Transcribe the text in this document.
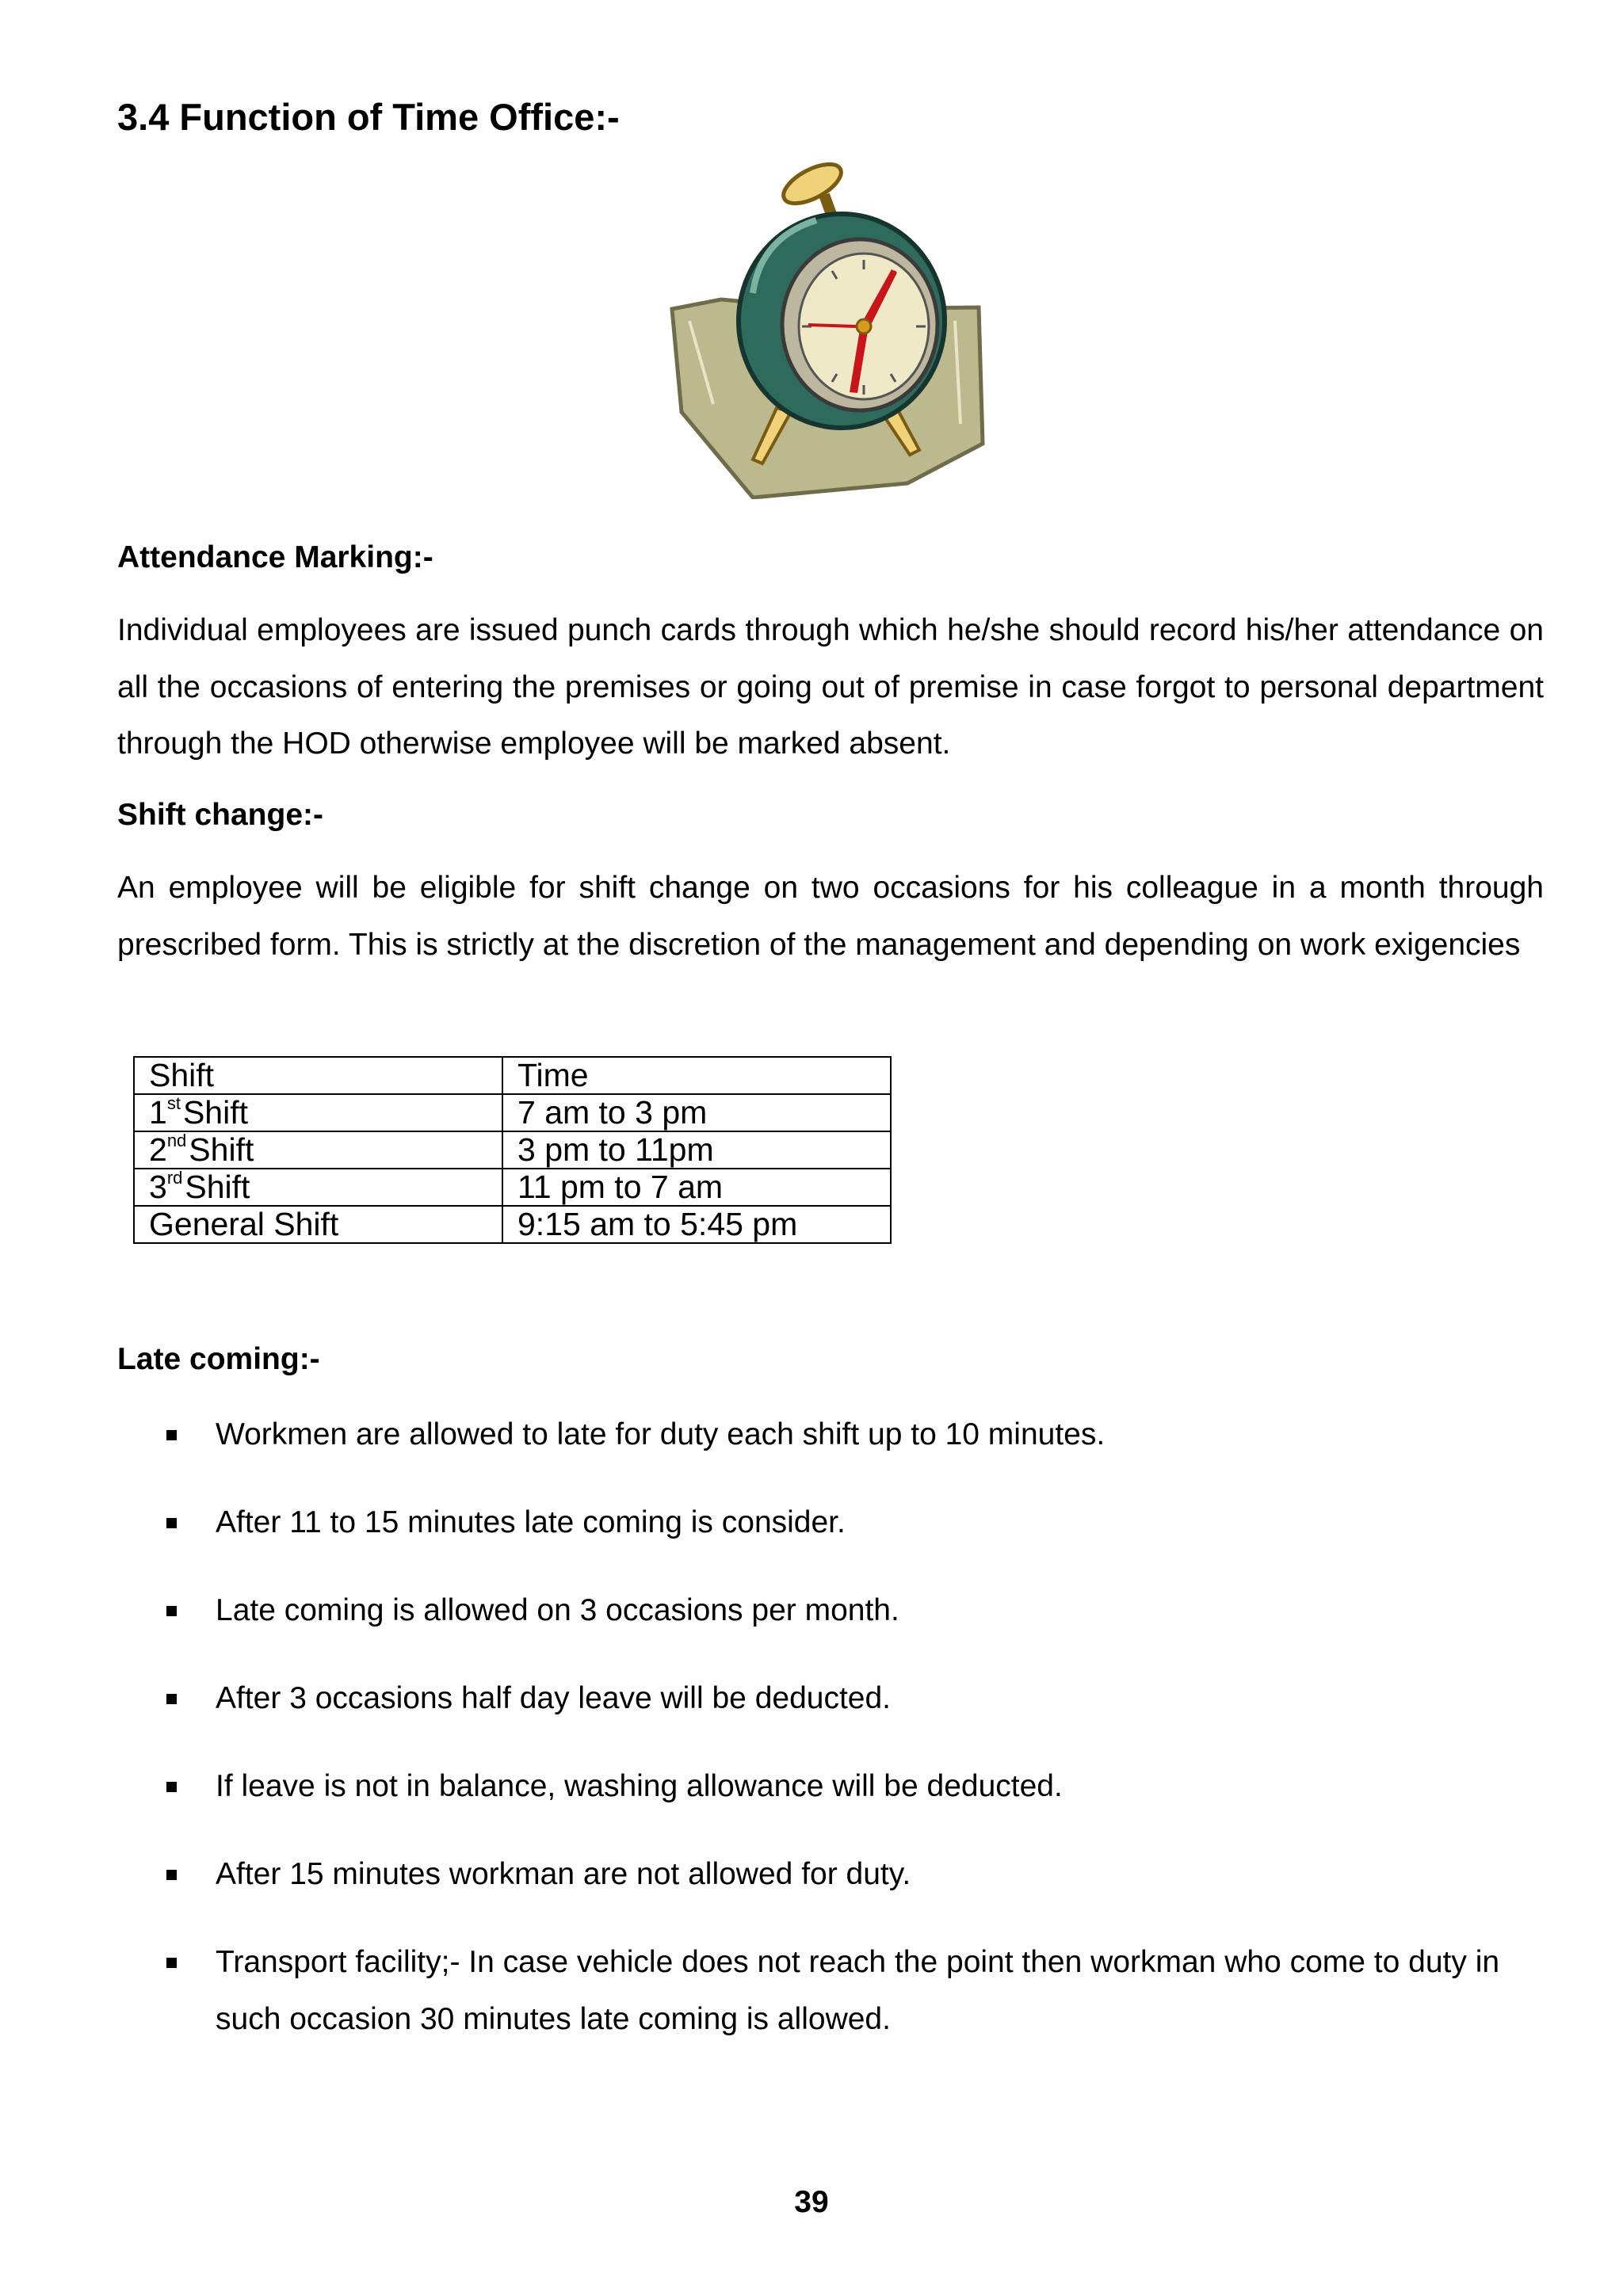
3.4 Function of Time Office:-
Attendance Marking:-

Individual employees are issued punch cards through which he/she should record his/her attendance on all the occasions of entering the premises or going out of premise in case forgot to personal department through the HOD otherwise employee will be marked absent.

Shift change:-

An employee will be eligible for shift change on two occasions for his colleague in a month through prescribed form. This is strictly at the discretion of the management and depending on work exigencies

Shift	Time
1stShift	7 am to 3 pm
2ndShift	3 pm to 11pm
3rdShift	11 pm to 7 am
General Shift	9:15 am to 5:45 pm
Late coming:-
Workmen are allowed to late for duty each shift up to 10 minutes.
After 11 to 15 minutes late coming is consider.
Late coming is allowed on 3 occasions per month.
After 3 occasions half day leave will be deducted.
If leave is not in balance, washing allowance will be deducted.
After 15 minutes workman are not allowed for duty.
Transport facility;- In case vehicle does not reach the point then workman who come to duty in such occasion 30 minutes late coming is allowed.
39
